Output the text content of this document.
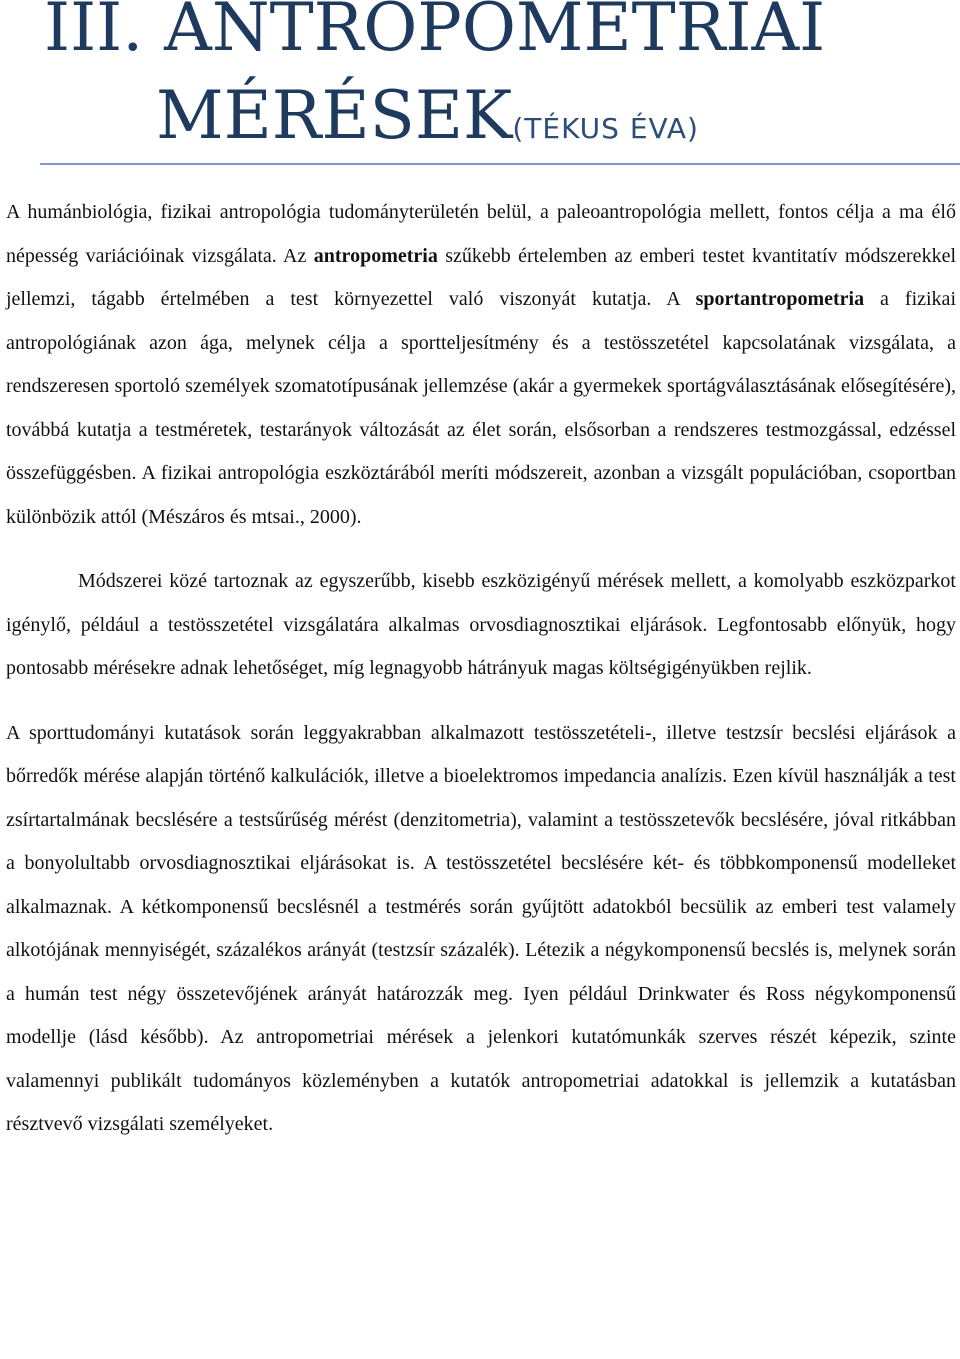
III. ANTROPOMETRIAI
MÉRÉSEK(TÉKUS ÉVA)

A humánbiológia, fizikai antropológia tudományterületén belül, a paleoantropológia mellett, fontos célja a ma élő népesség variációinak vizsgálata. Az antropometria szűkebb értelemben az emberi testet kvantitatív módszerekkel jellemzi, tágabb értelmében a test környezettel való viszonyát kutatja. A sportantropometria a fizikai antropológiának azon ága, melynek célja a sportteljesítmény és a testösszetétel kapcsolatának vizsgálata, a rendszeresen sportoló személyek szomatotípusának jellemzése (akár a gyermekek sportágválasztásának elősegítésére), továbbá kutatja a testméretek, testarányok változását az élet során, elsősorban a rendszeres testmozgással, edzéssel összefüggésben. A fizikai antropológia eszköztárából meríti módszereit, azonban a vizsgált populációban, csoportban különbözik attól (Mészáros és mtsai., 2000).

Módszerei közé tartoznak az egyszerűbb, kisebb eszközigényű mérések mellett, a komolyabb eszközparkot igénylő, például a testösszetétel vizsgálatára alkalmas orvosdiagnosztikai eljárások. Legfontosabb előnyük, hogy pontosabb mérésekre adnak lehetőséget, míg legnagyobb hátrányuk magas költségigényükben rejlik.

A sporttudományi kutatások során leggyakrabban alkalmazott testösszetételi-, illetve testzsír becslési eljárások a bőrredők mérése alapján történő kalkulációk, illetve a bioelektromos impedancia analízis. Ezen kívül használják a test zsírtartalmának becslésére a testsűrűség mérést (denzitometria), valamint a testösszetevők becslésére, jóval ritkábban a bonyolultabb orvosdiagnosztikai eljárásokat is. A testösszetétel becslésére két- és többkomponensű modelleket alkalmaznak. A kétkomponensű becslésnél a testmérés során gyűjtött adatokból becsülik az emberi test valamely alkotójának mennyiségét, százalékos arányát (testzsír százalék). Létezik a négykomponensű becslés is, melynek során a humán test négy összetevőjének arányát határozzák meg. Iyen például Drinkwater és Ross négykomponensű modellje (lásd később). Az antropometriai mérések a jelenkori kutatómunkák szerves részét képezik, szinte valamennyi publikált tudományos közleményben a kutatók antropometriai adatokkal is jellemzik a kutatásban résztvevő vizsgálati személyeket.
